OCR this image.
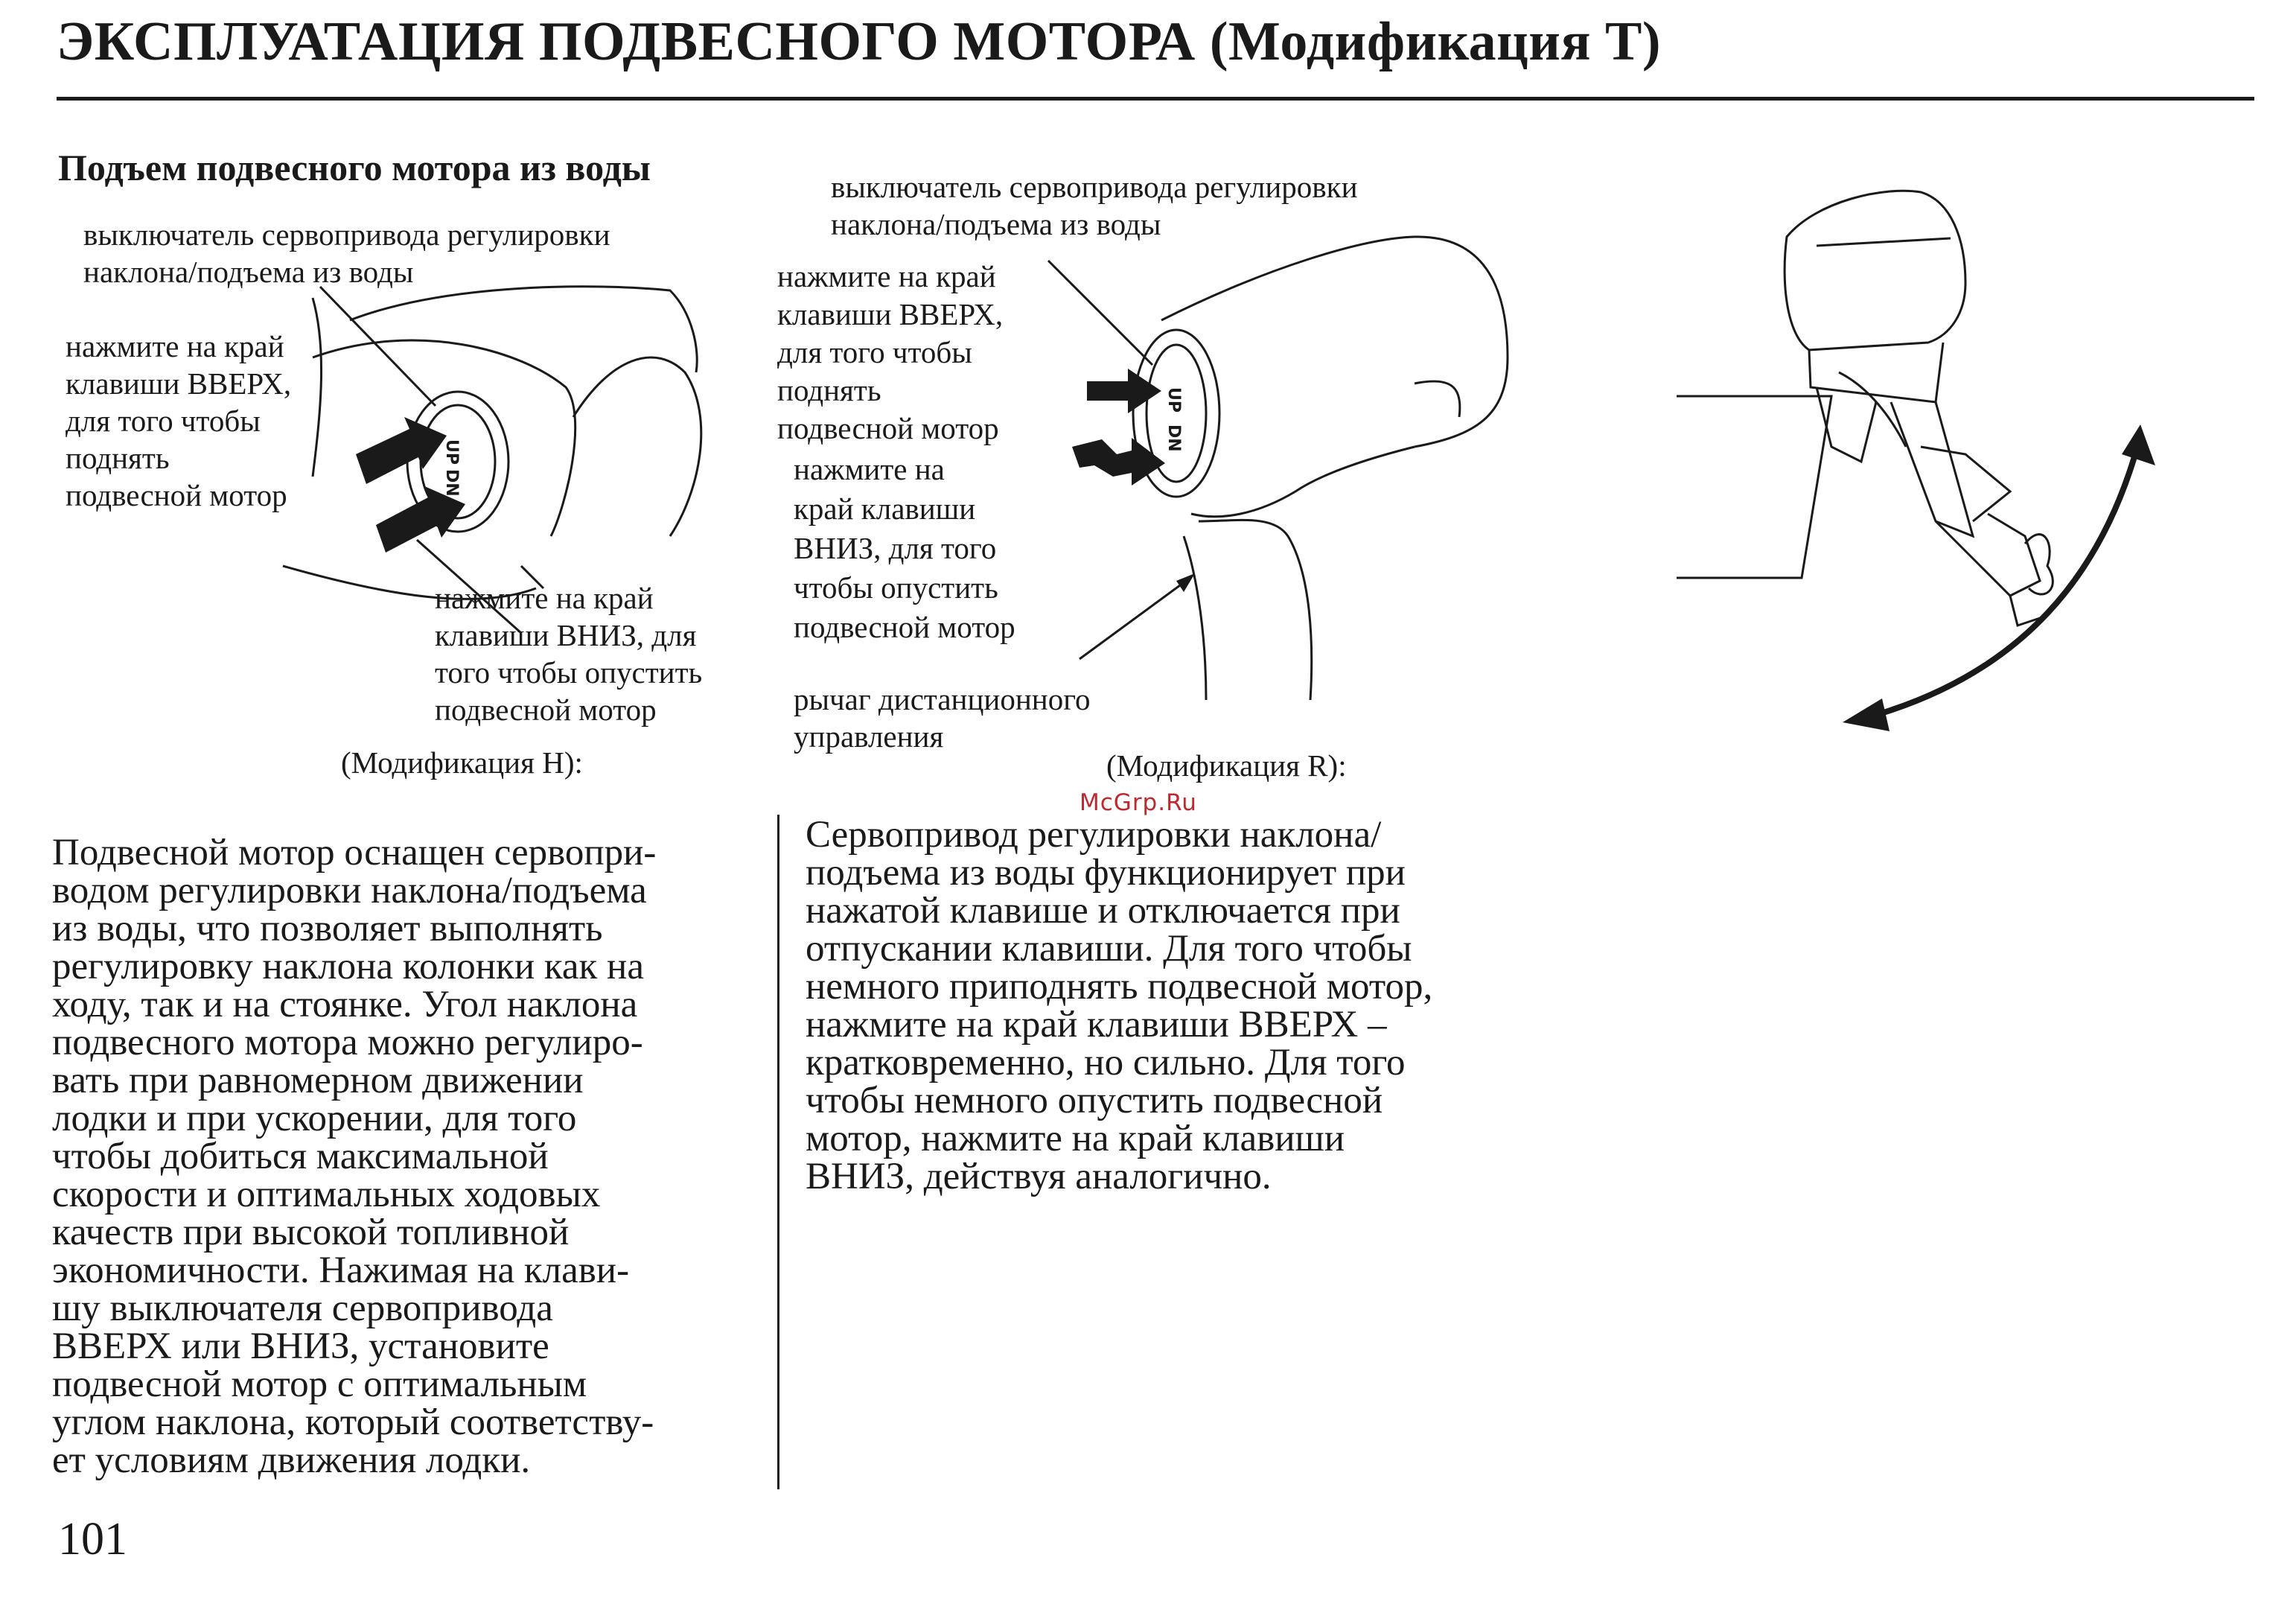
ЭКСПЛУАТАЦИЯ ПОДВЕСНОГО МОТОРА (Модификация T)
Подъем подвесного мотора из воды
UP
DN
выключатель сервопривода регулировки
наклона/подъема из воды
нажмите на край
клавиши ВВЕРХ,
для того чтобы
поднять
подвесной мотор
нажмите на край
клавиши ВНИЗ, для
того чтобы опустить
подвесной мотор
(Модификация H):
UP
DN
выключатель сервопривода регулировки
наклона/подъема из воды
нажмите на край
клавиши ВВЕРХ,
для того чтобы
поднять
подвесной мотор
нажмите на
край клавиши
ВНИЗ, для того
чтобы опустить
подвесной мотор
рычаг дистанционного
управления
(Модификация R):
McGrp.Ru
Подвесной мотор оснащен сервопри-
водом регулировки наклона/подъема
из воды, что позволяет выполнять
регулировку наклона колонки как на
ходу, так и на стоянке. Угол наклона
подвесного мотора можно регулиро-
вать при равномерном движении
лодки и при ускорении, для того
чтобы добиться максимальной
скорости и оптимальных ходовых
качеств при высокой топливной
экономичности. Нажимая на клави-
шу выключателя сервопривода
ВВЕРХ или ВНИЗ, установите
подвесной мотор с оптимальным
углом наклона, который соответству-
ет условиям движения лодки.
Сервопривод регулировки наклона/
подъема из воды функционирует при
нажатой клавише и отключается при
отпускании клавиши. Для того чтобы
немного приподнять подвесной мотор,
нажмите на край клавиши ВВЕРХ –
кратковременно, но сильно. Для того
чтобы немного опустить подвесной
мотор, нажмите на край клавиши
ВНИЗ, действуя аналогично.
101
